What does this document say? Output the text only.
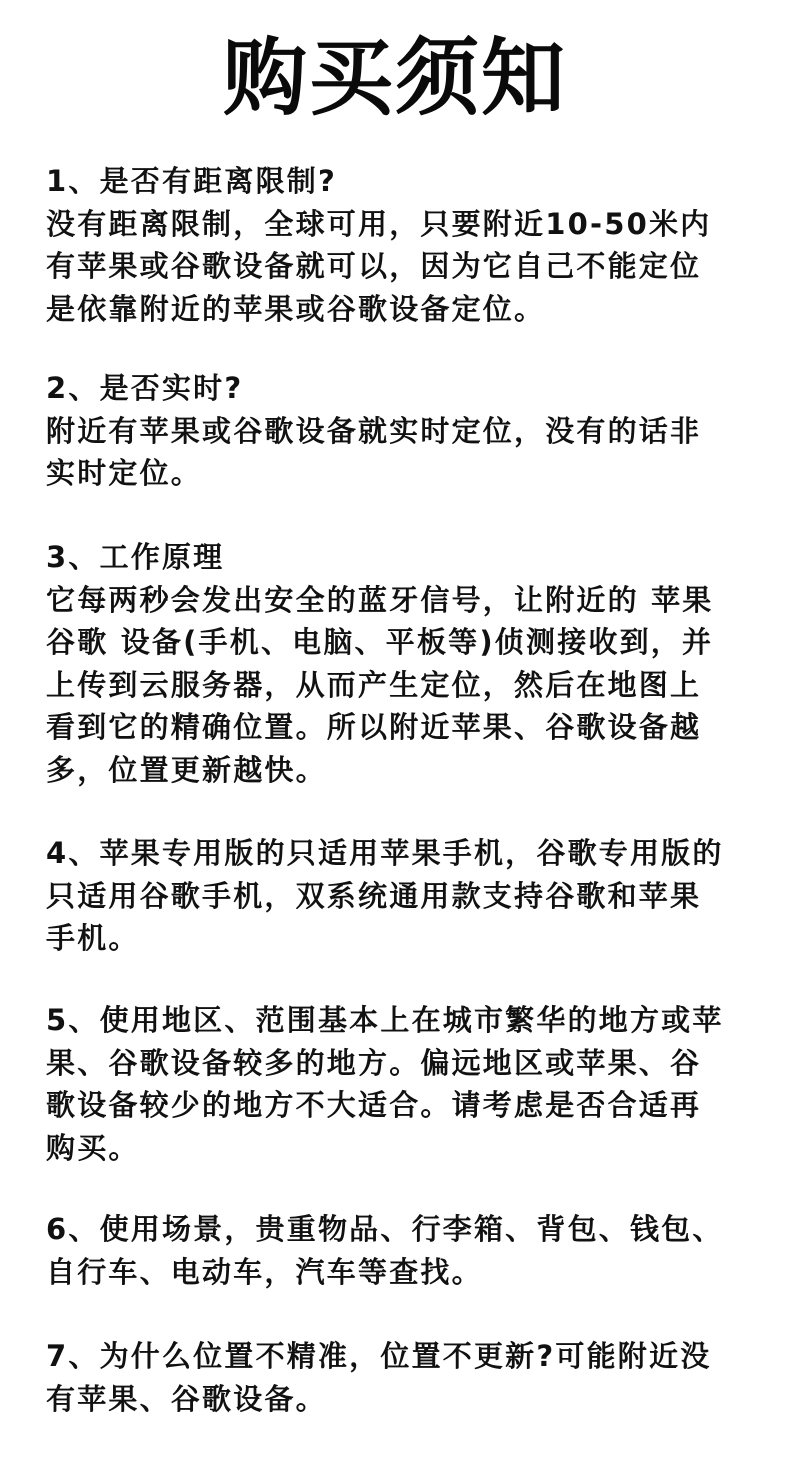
购买须知
1、是否有距离限制?
没有距离限制，全球可用，只要附近10-50米内
有苹果或谷歌设备就可以，因为它自己不能定位
是依靠附近的苹果或谷歌设备定位。
2、是否实时?
附近有苹果或谷歌设备就实时定位，没有的话非
实时定位。
3、工作原理
它每两秒会发出安全的蓝牙信号，让附近的 苹果
谷歌 设备(手机、电脑、平板等)侦测接收到，并
上传到云服务器，从而产生定位，然后在地图上
看到它的精确位置。所以附近苹果、谷歌设备越
多，位置更新越快。
4、苹果专用版的只适用苹果手机，谷歌专用版的
只适用谷歌手机，双系统通用款支持谷歌和苹果
手机。
5、使用地区、范围基本上在城市繁华的地方或苹
果、谷歌设备较多的地方。偏远地区或苹果、谷
歌设备较少的地方不大适合。请考虑是否合适再
购买。
6、使用场景，贵重物品、行李箱、背包、钱包、
自行车、电动车，汽车等查找。
7、为什么位置不精准，位置不更新?可能附近没
有苹果、谷歌设备。
